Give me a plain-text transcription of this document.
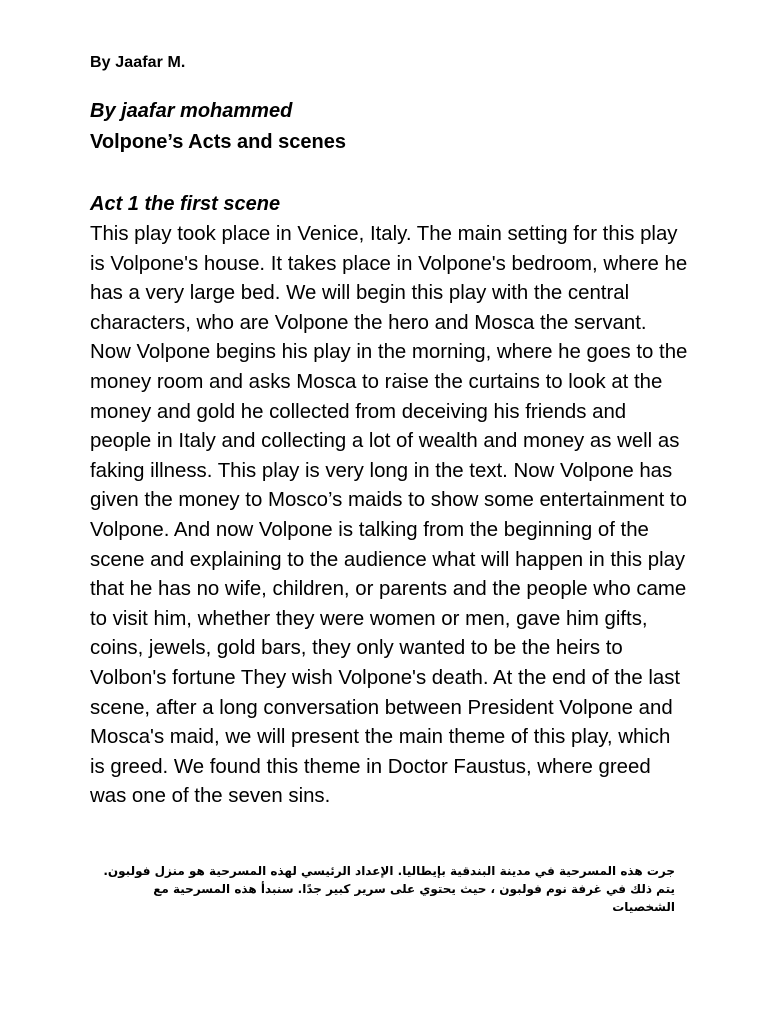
By Jaafar M.

By jaafar mohammed

Volpone’s Acts and scenes

Act 1 the first scene

This play took place in Venice, Italy. The main setting for this play is Volpone's house. It takes place in Volpone's bedroom, where he has a very large bed. We will begin this play with the central characters, who are Volpone the hero and Mosca the servant. Now Volpone begins his play in the morning, where he goes to the money room and asks Mosca to raise the curtains to look at the money and gold he collected from deceiving his friends and people in Italy and collecting a lot of wealth and money as well as faking illness. This play is very long in the text. Now Volpone has given the money to Mosco’s maids to show some entertainment to Volpone. And now Volpone is talking from the beginning of the scene and explaining to the audience what will happen in this play that he has no wife, children, or parents and the people who came to visit him, whether they were women or men, gave him gifts, coins, jewels, gold bars, they only wanted to be the heirs to Volbon's fortune They wish Volpone's death. At the end of the last scene, after a long conversation between President Volpone and Mosca's maid, we will present the main theme of this play, which is greed. We found this theme in Doctor Faustus, where greed was one of the seven sins.

جرت هذه المسرحية في مدينة البندقية بإيطاليا. الإعداد الرئيسي لهذه المسرحية هو منزل فولبون. يتم ذلك في غرفة نوم فولبون ، حيث يحتوي على سرير كبير جدًا. سنبدأ هذه المسرحية مع الشخصيات
